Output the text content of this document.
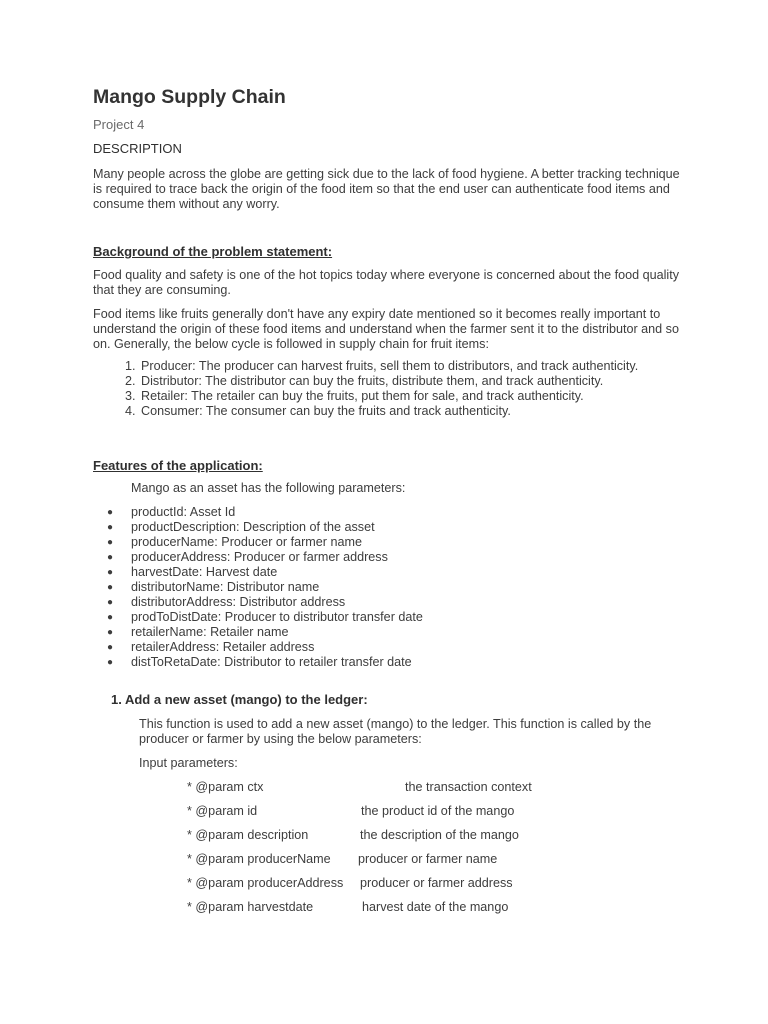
Mango Supply Chain
Project 4
DESCRIPTION
Many people across the globe are getting sick due to the lack of food hygiene. A better tracking technique is required to trace back the origin of the food item so that the end user can authenticate food items and consume them without any worry.
Background of the problem statement:
Food quality and safety is one of the hot topics today where everyone is concerned about the food quality that they are consuming.
Food items like fruits generally don't have any expiry date mentioned so it becomes really important to understand the origin of these food items and understand when the farmer sent it to the distributor and so on. Generally, the below cycle is followed in supply chain for fruit items:
1. Producer: The producer can harvest fruits, sell them to distributors, and track authenticity.
2. Distributor: The distributor can buy the fruits, distribute them, and track authenticity.
3. Retailer: The retailer can buy the fruits, put them for sale, and track authenticity.
4. Consumer: The consumer can buy the fruits and track authenticity.
Features of the application:
Mango as an asset has the following parameters:
● productId: Asset Id
● productDescription: Description of the asset
● producerName: Producer or farmer name
● producerAddress: Producer or farmer address
● harvestDate: Harvest date
● distributorName: Distributor name
● distributorAddress: Distributor address
● prodToDistDate: Producer to distributor transfer date
● retailerName: Retailer name
● retailerAddress: Retailer address
● distToRetaDate: Distributor to retailer transfer date
1. Add a new asset (mango) to the ledger:
This function is used to add a new asset (mango) to the ledger. This function is called by the producer or farmer by using the below parameters:
Input parameters:
* @param ctx	the transaction context
* @param id	the product id of the mango
* @param description	the description of the mango
* @param producerName producer or farmer name
* @param producerAddress producer or farmer address
* @param harvestdate	harvest date of the mango
